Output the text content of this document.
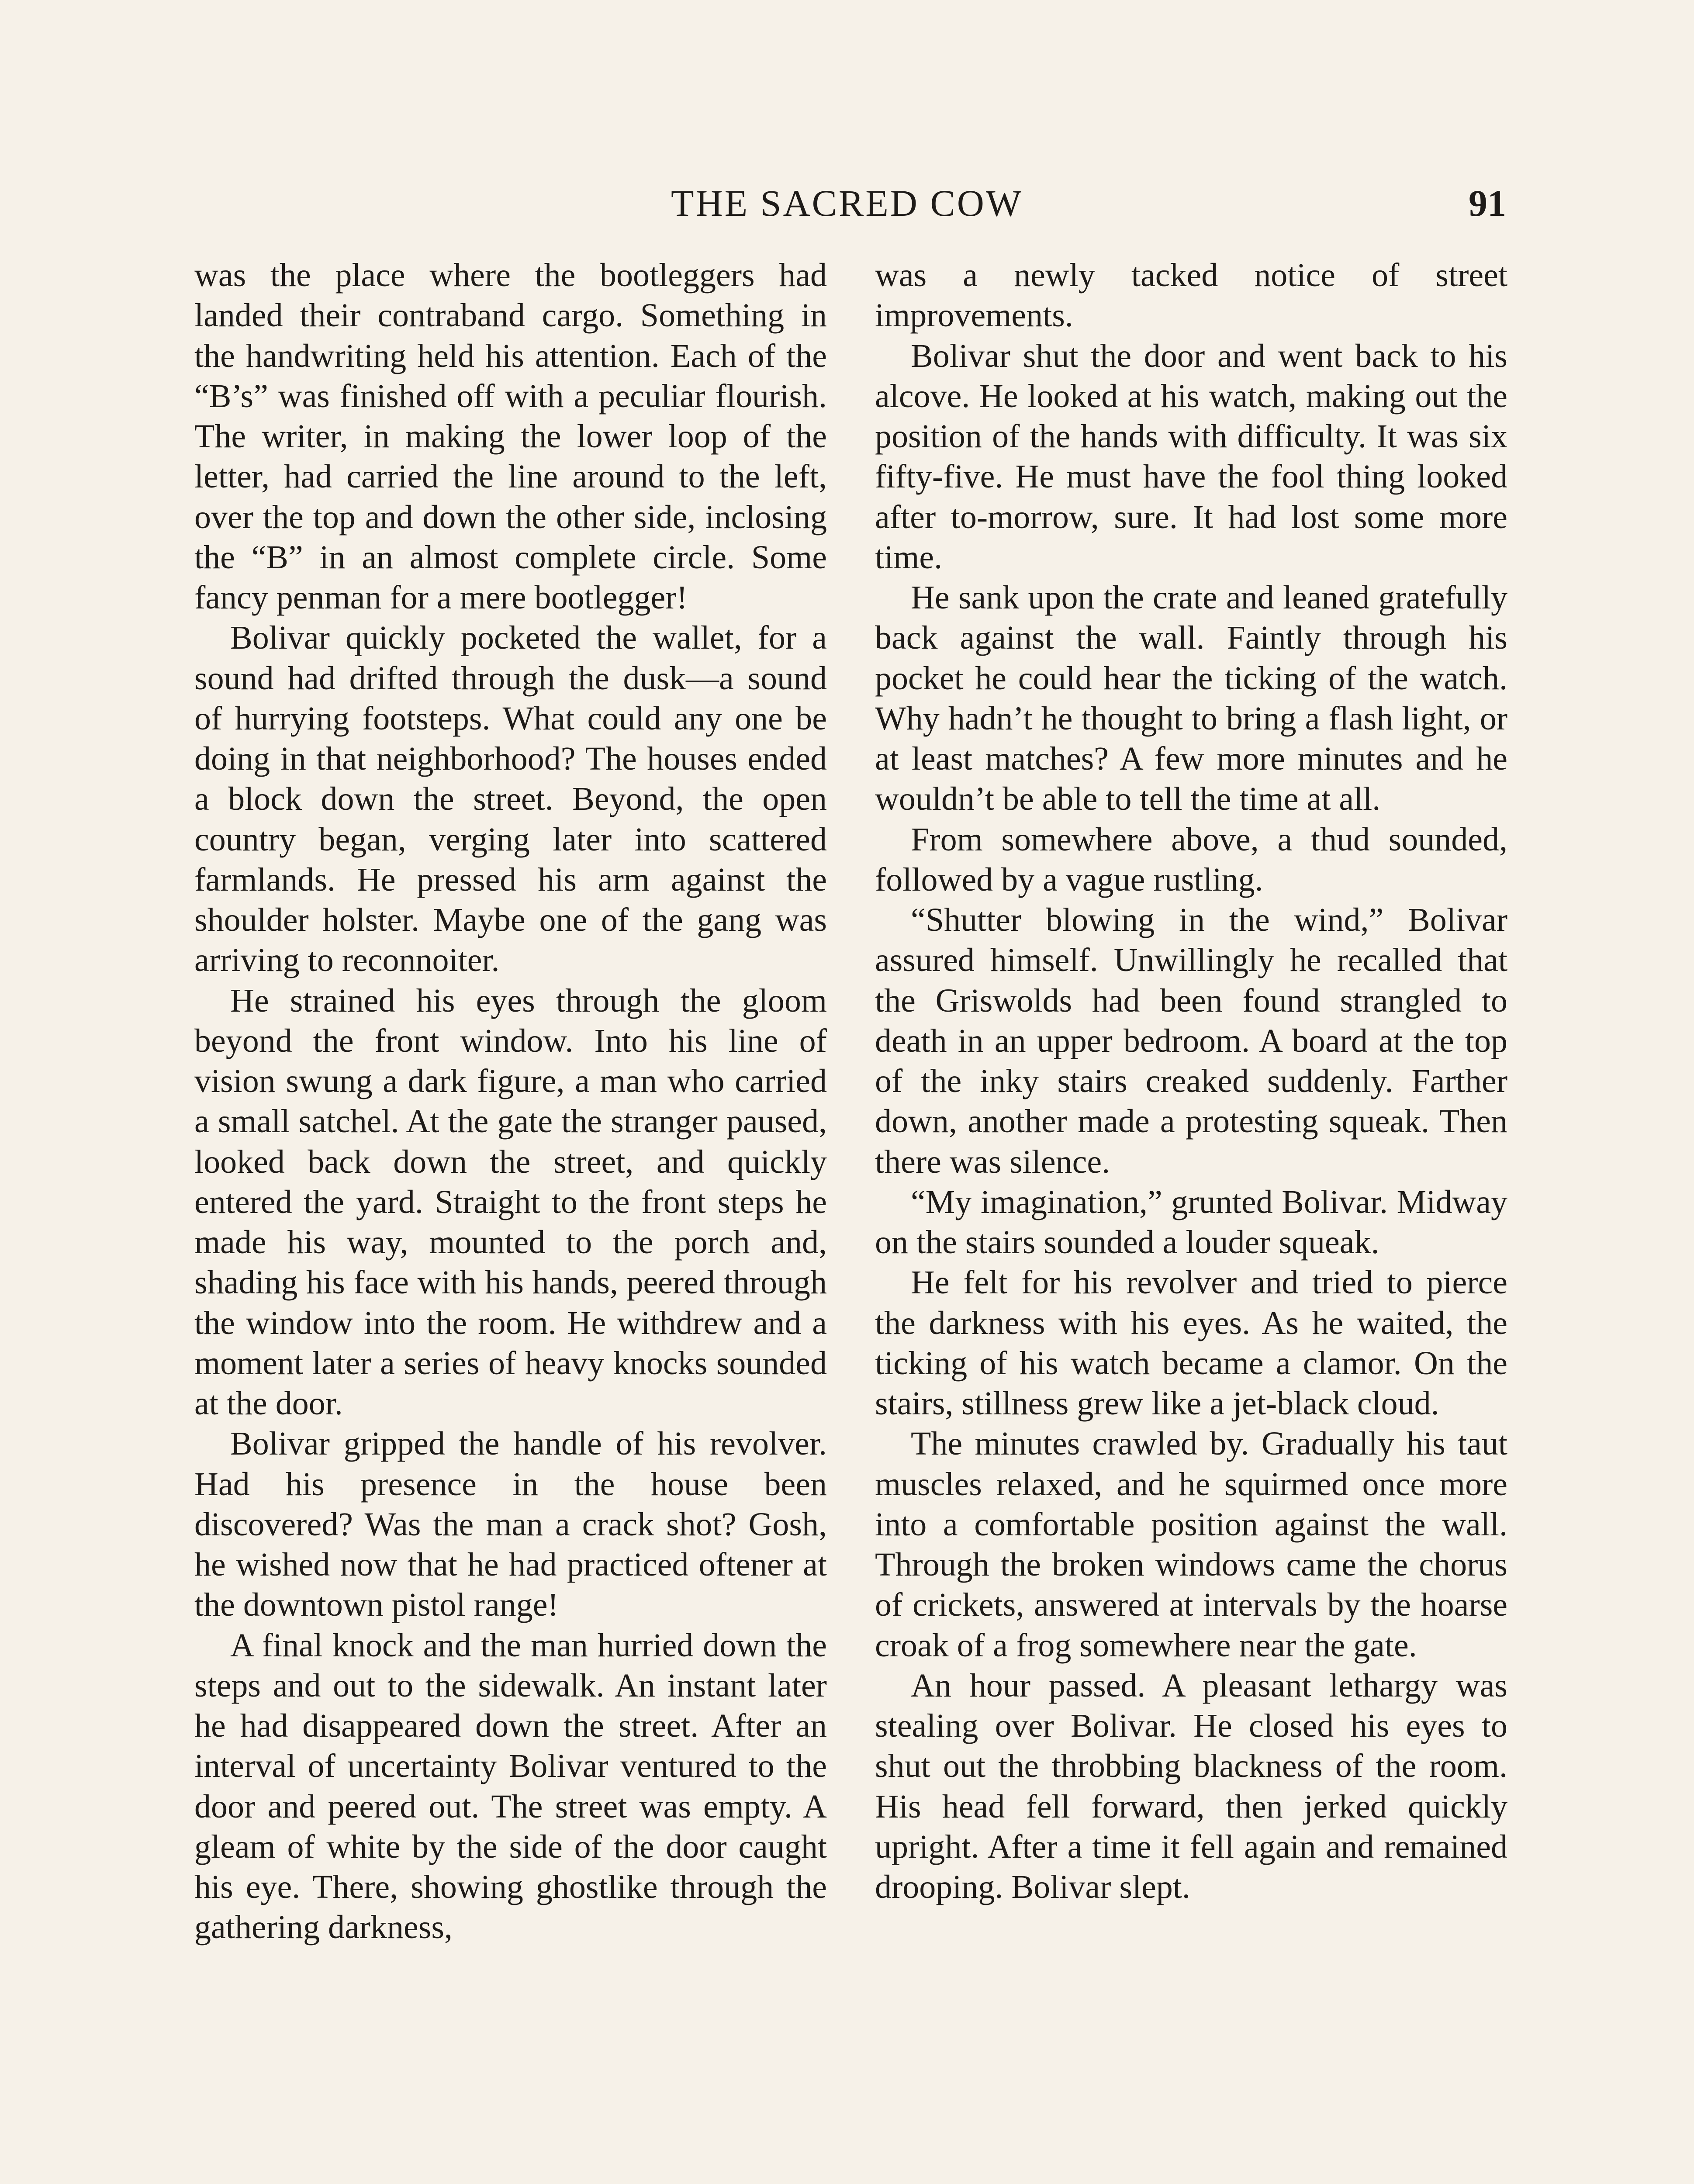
THE SACRED COW	91

was the place where the bootleggers had landed their contraband cargo. Something in the handwriting held his attention. Each of the “B’s” was finished off with a peculiar flourish. The writer, in making the lower loop of the letter, had carried the line around to the left, over the top and down the other side, inclosing the “B” in an almost complete circle. Some fancy penman for a mere bootlegger!

Bolivar quickly pocketed the wallet, for a sound had drifted through the dusk—a sound of hurrying footsteps. What could any one be doing in that neighborhood? The houses ended a block down the street. Beyond, the open country began, verging later into scattered farmlands. He pressed his arm against the shoulder holster. Maybe one of the gang was arriving to reconnoiter.

He strained his eyes through the gloom beyond the front window. Into his line of vision swung a dark figure, a man who carried a small satchel. At the gate the stranger paused, looked back down the street, and quickly entered the yard. Straight to the front steps he made his way, mounted to the porch and, shading his face with his hands, peered through the window into the room. He withdrew and a moment later a series of heavy knocks sounded at the door.

Bolivar gripped the handle of his revolver. Had his presence in the house been discovered? Was the man a crack shot? Gosh, he wished now that he had practiced oftener at the downtown pistol range!

A final knock and the man hurried down the steps and out to the sidewalk. An instant later he had disappeared down the street. After an interval of uncertainty Bolivar ventured to the door and peered out. The street was empty. A gleam of white by the side of the door caught his eye. There, showing ghostlike through the gathering darkness,

was a newly tacked notice of street improvements.

Bolivar shut the door and went back to his alcove. He looked at his watch, making out the position of the hands with difficulty. It was six fifty-five. He must have the fool thing looked after to-morrow, sure. It had lost some more time.

He sank upon the crate and leaned gratefully back against the wall. Faintly through his pocket he could hear the ticking of the watch. Why hadn’t he thought to bring a flash light, or at least matches? A few more minutes and he wouldn’t be able to tell the time at all.

From somewhere above, a thud sounded, followed by a vague rustling.

“Shutter blowing in the wind,” Bolivar assured himself. Unwillingly he recalled that the Griswolds had been found strangled to death in an upper bedroom. A board at the top of the inky stairs creaked suddenly. Farther down, another made a protesting squeak. Then there was silence.

“My imagination,” grunted Bolivar. Midway on the stairs sounded a louder squeak.

He felt for his revolver and tried to pierce the darkness with his eyes. As he waited, the ticking of his watch became a clamor. On the stairs, stillness grew like a jet-black cloud.

The minutes crawled by. Gradually his taut muscles relaxed, and he squirmed once more into a comfortable position against the wall. Through the broken windows came the chorus of crickets, answered at intervals by the hoarse croak of a frog somewhere near the gate.

An hour passed. A pleasant lethargy was stealing over Bolivar. He closed his eyes to shut out the throbbing blackness of the room. His head fell forward, then jerked quickly upright. After a time it fell again and remained drooping. Bolivar slept.
